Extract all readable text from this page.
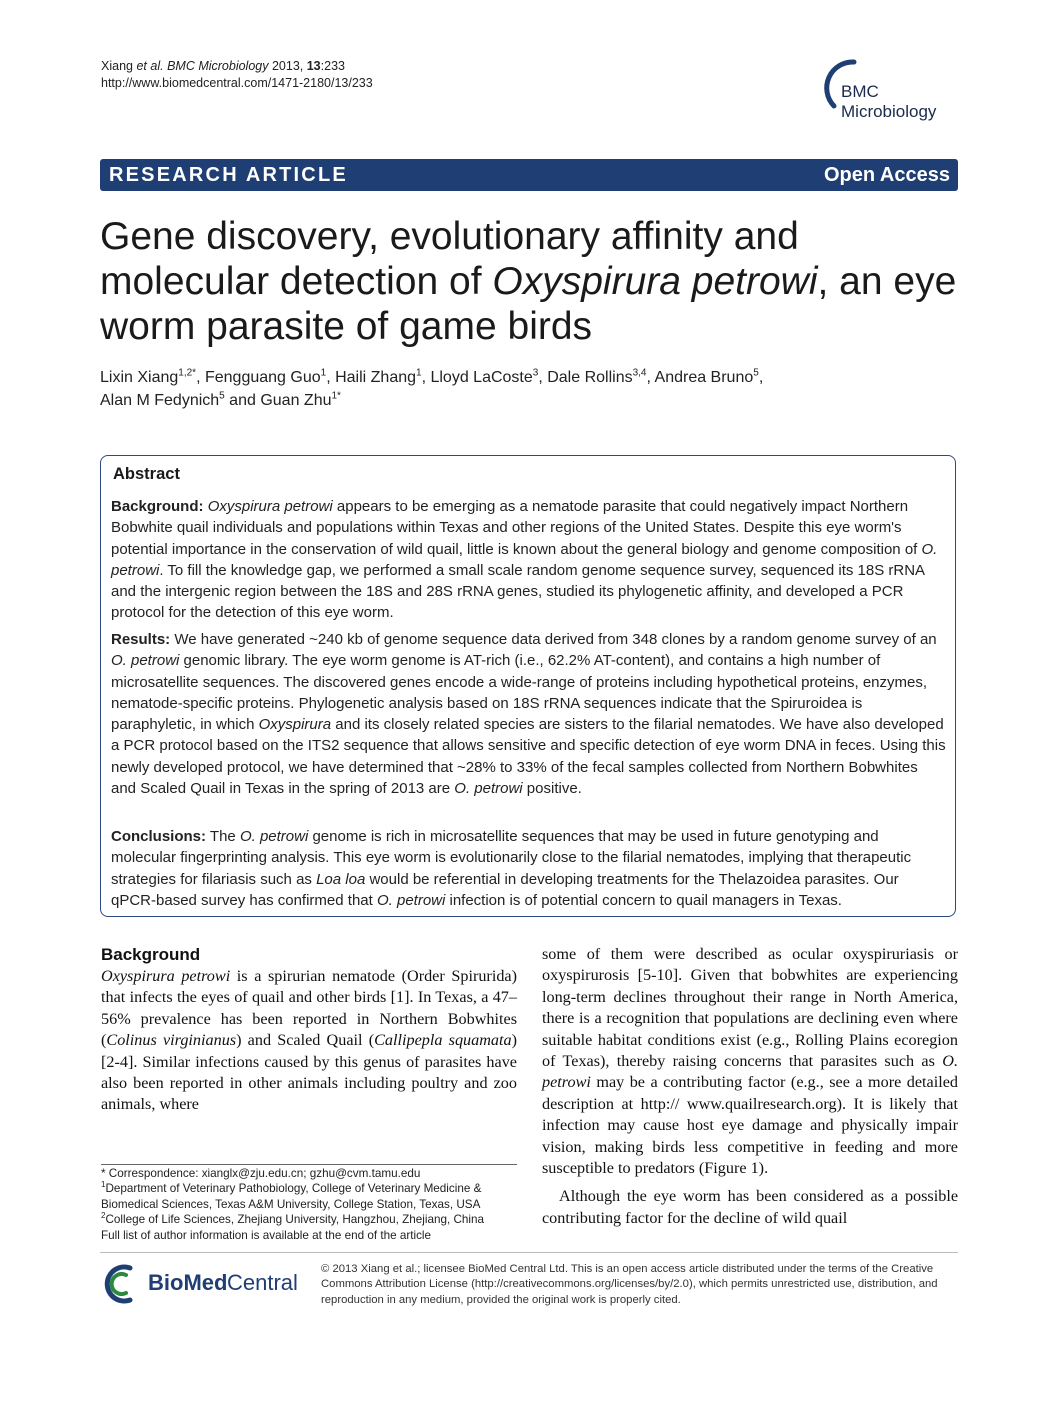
Xiang et al. BMC Microbiology 2013, 13:233
http://www.biomedcentral.com/1471-2180/13/233	BMC
Microbiology
RESEARCH ARTICLE	Open Access
Gene discovery, evolutionary affinity and molecular detection of Oxyspirura petrowi, an eye worm parasite of game birds
Lixin Xiang$^{1,2*}$, Fengguang Guo$^1$, Haili Zhang$^1$, Lloyd LaCoste$^3$, Dale Rollins$^{3,4}$, Andrea Bruno$^5$,
Alan M Fedynich$^5$ and Guan Zhu$^{1*}$
Abstract

Background: Oxyspirura petrowi appears to be emerging as a nematode parasite that could negatively impact Northern Bobwhite quail individuals and populations within Texas and other regions of the United States. Despite this eye worm's potential importance in the conservation of wild quail, little is known about the general biology and genome composition of O. petrowi. To fill the knowledge gap, we performed a small scale random genome sequence survey, sequenced its 18S rRNA and the intergenic region between the 18S and 28S rRNA genes, studied its phylogenetic affinity, and developed a PCR protocol for the detection of this eye worm.

Results: We have generated ~240 kb of genome sequence data derived from 348 clones by a random genome survey of an O. petrowi genomic library. The eye worm genome is AT-rich (i.e., 62.2% AT-content), and contains a high number of microsatellite sequences. The discovered genes encode a wide-range of proteins including hypothetical proteins, enzymes, nematode-specific proteins. Phylogenetic analysis based on 18S rRNA sequences indicate that the Spiruroidea is paraphyletic, in which Oxyspirura and its closely related species are sisters to the filarial nematodes. We have also developed a PCR protocol based on the ITS2 sequence that allows sensitive and specific detection of eye worm DNA in feces. Using this newly developed protocol, we have determined that ~28% to 33% of the fecal samples collected from Northern Bobwhites and Scaled Quail in Texas in the spring of 2013 are O. petrowi positive.

Conclusions: The O. petrowi genome is rich in microsatellite sequences that may be used in future genotyping and molecular fingerprinting analysis. This eye worm is evolutionarily close to the filarial nematodes, implying that therapeutic strategies for filariasis such as Loa loa would be referential in developing treatments for the Thelazoidea parasites. Our qPCR-based survey has confirmed that O. petrowi infection is of potential concern to quail managers in Texas.

Background

Oxyspirura petrowi is a spirurian nematode (Order Spirurida) that infects the eyes of quail and other birds [1]. In Texas, a 47–56% prevalence has been reported in Northern Bobwhites (Colinus virginianus) and Scaled Quail (Callipepla squamata) [2-4]. Similar infections caused by this genus of parasites have also been reported in other animals including poultry and zoo animals, where

some of them were described as ocular oxyspiruriasis or oxyspirurosis [5-10]. Given that bobwhites are experiencing long-term declines throughout their range in North America, there is a recognition that populations are declining even where suitable habitat conditions exist (e.g., Rolling Plains ecoregion of Texas), thereby raising concerns that parasites such as O. petrowi may be a contributing factor (e.g., see a more detailed description at http:// www.quailresearch.org). It is likely that infection may cause host eye damage and physically impair vision, making birds less competitive in feeding and more susceptible to predators (Figure 1).

Although the eye worm has been considered as a possible contributing factor for the decline of wild quail

* Correspondence: xianglx@zju.edu.cn; gzhu@cvm.tamu.edu

$^1$Department of Veterinary Pathobiology, College of Veterinary Medicine & Biomedical Sciences, Texas A&M University, College Station, Texas, USA

$^2$College of Life Sciences, Zhejiang University, Hangzhou, Zhejiang, China

Full list of author information is available at the end of the article

BioMed Central

© 2013 Xiang et al.; licensee BioMed Central Ltd. This is an open access article distributed under the terms of the Creative Commons Attribution License (http://creativecommons.org/licenses/by/2.0), which permits unrestricted use, distribution, and reproduction in any medium, provided the original work is properly cited.
